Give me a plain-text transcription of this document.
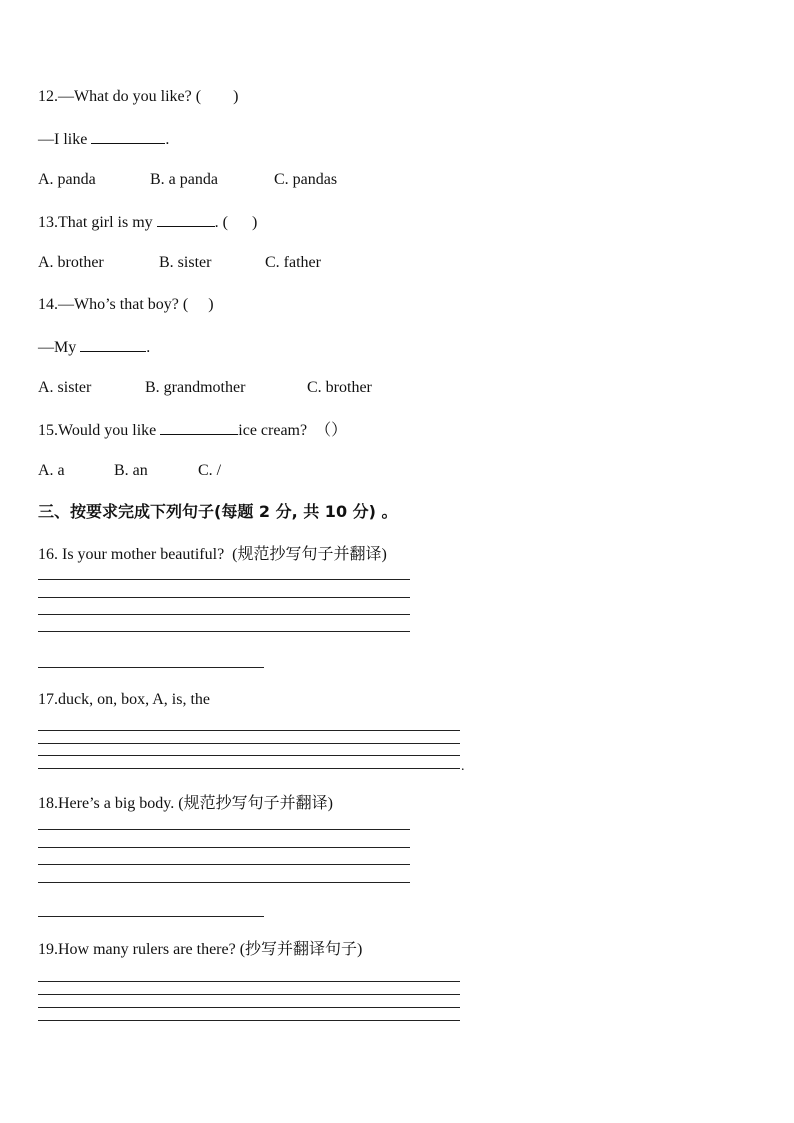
12.—What do you like? (        )
—I like	.

A. panda

	B. a panda

	C. pandas

13.That girl is my	. (      )

A. brother

	B. sister

	C. father

14.—Who’s that boy? (     )
—My	.

A. sister

	B. grandmother

	C. brother

15.Would you like	ice cream?  （）

A. a

	B. an

	C. /

三、按要求完成下列句子(每题 2 分, 共 10 分) 。
16. Is your mother beautiful?  (规范抄写句子并翻译)
17.duck, on, box, A, is, the
.
18.Here’s a big body. (规范抄写句子并翻译)
19.How many rulers are there? (抄写并翻译句子)
